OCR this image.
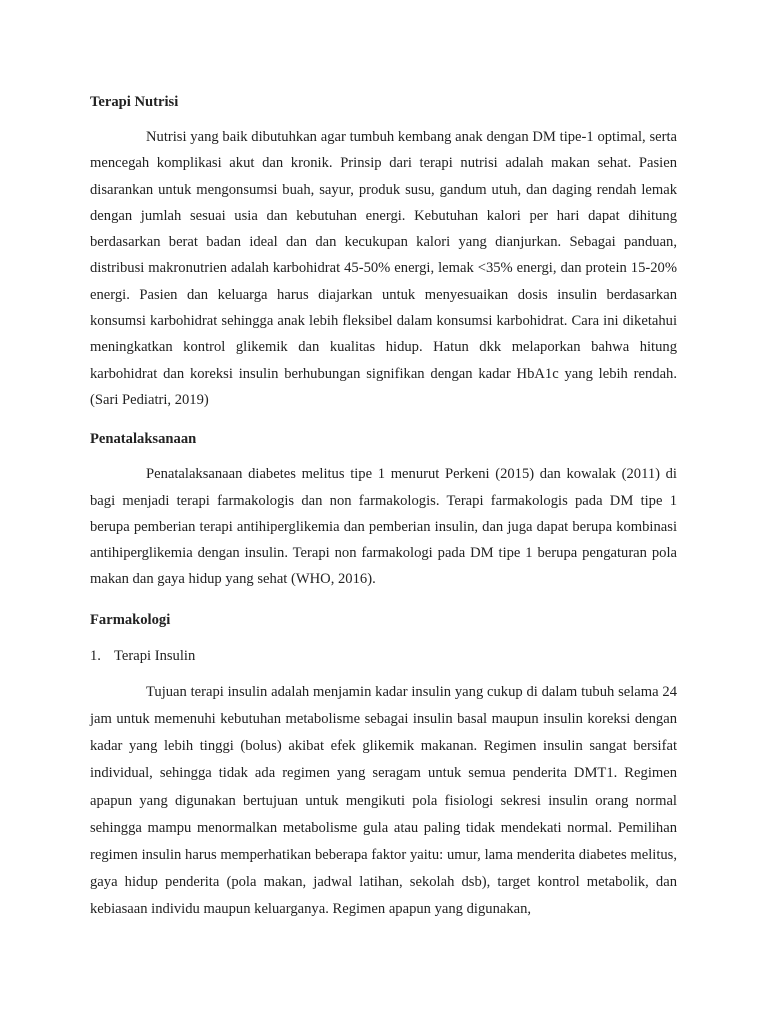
Terapi Nutrisi

Nutrisi yang baik dibutuhkan agar tumbuh kembang anak dengan DM tipe-1 optimal, serta mencegah komplikasi akut dan kronik. Prinsip dari terapi nutrisi adalah makan sehat. Pasien disarankan untuk mengonsumsi buah, sayur, produk susu, gandum utuh, dan daging rendah lemak dengan jumlah sesuai usia dan kebutuhan energi. Kebutuhan kalori per hari dapat dihitung berdasarkan berat badan ideal dan dan kecukupan kalori yang dianjurkan. Sebagai panduan, distribusi makronutrien adalah karbohidrat 45-50% energi, lemak <35% energi, dan protein 15-20% energi. Pasien dan keluarga harus diajarkan untuk menyesuaikan dosis insulin berdasarkan konsumsi karbohidrat sehingga anak lebih fleksibel dalam konsumsi karbohidrat. Cara ini diketahui meningkatkan kontrol glikemik dan kualitas hidup. Hatun dkk melaporkan bahwa hitung karbohidrat dan koreksi insulin berhubungan signifikan dengan kadar HbA1c yang lebih rendah. (Sari Pediatri, 2019)

Penatalaksanaan

Penatalaksanaan diabetes melitus tipe 1 menurut Perkeni (2015) dan kowalak (2011) di bagi menjadi terapi farmakologis dan non farmakologis. Terapi farmakologis pada DM tipe 1 berupa pemberian terapi antihiperglikemia dan pemberian insulin, dan juga dapat berupa kombinasi antihiperglikemia dengan insulin. Terapi non farmakologi pada DM tipe 1 berupa pengaturan pola makan dan gaya hidup yang sehat (WHO, 2016).

Farmakologi
1. Terapi Insulin

Tujuan terapi insulin adalah menjamin kadar insulin yang cukup di dalam tubuh selama 24 jam untuk memenuhi kebutuhan metabolisme sebagai insulin basal maupun insulin koreksi dengan kadar yang lebih tinggi (bolus) akibat efek glikemik makanan. Regimen insulin sangat bersifat individual, sehingga tidak ada regimen yang seragam untuk semua penderita DMT1. Regimen apapun yang digunakan bertujuan untuk mengikuti pola fisiologi sekresi insulin orang normal sehingga mampu menormalkan metabolisme gula atau paling tidak mendekati normal. Pemilihan regimen insulin harus memperhatikan beberapa faktor yaitu: umur, lama menderita diabetes melitus, gaya hidup penderita (pola makan, jadwal latihan, sekolah dsb), target kontrol metabolik, dan kebiasaan individu maupun keluarganya. Regimen apapun yang digunakan,
